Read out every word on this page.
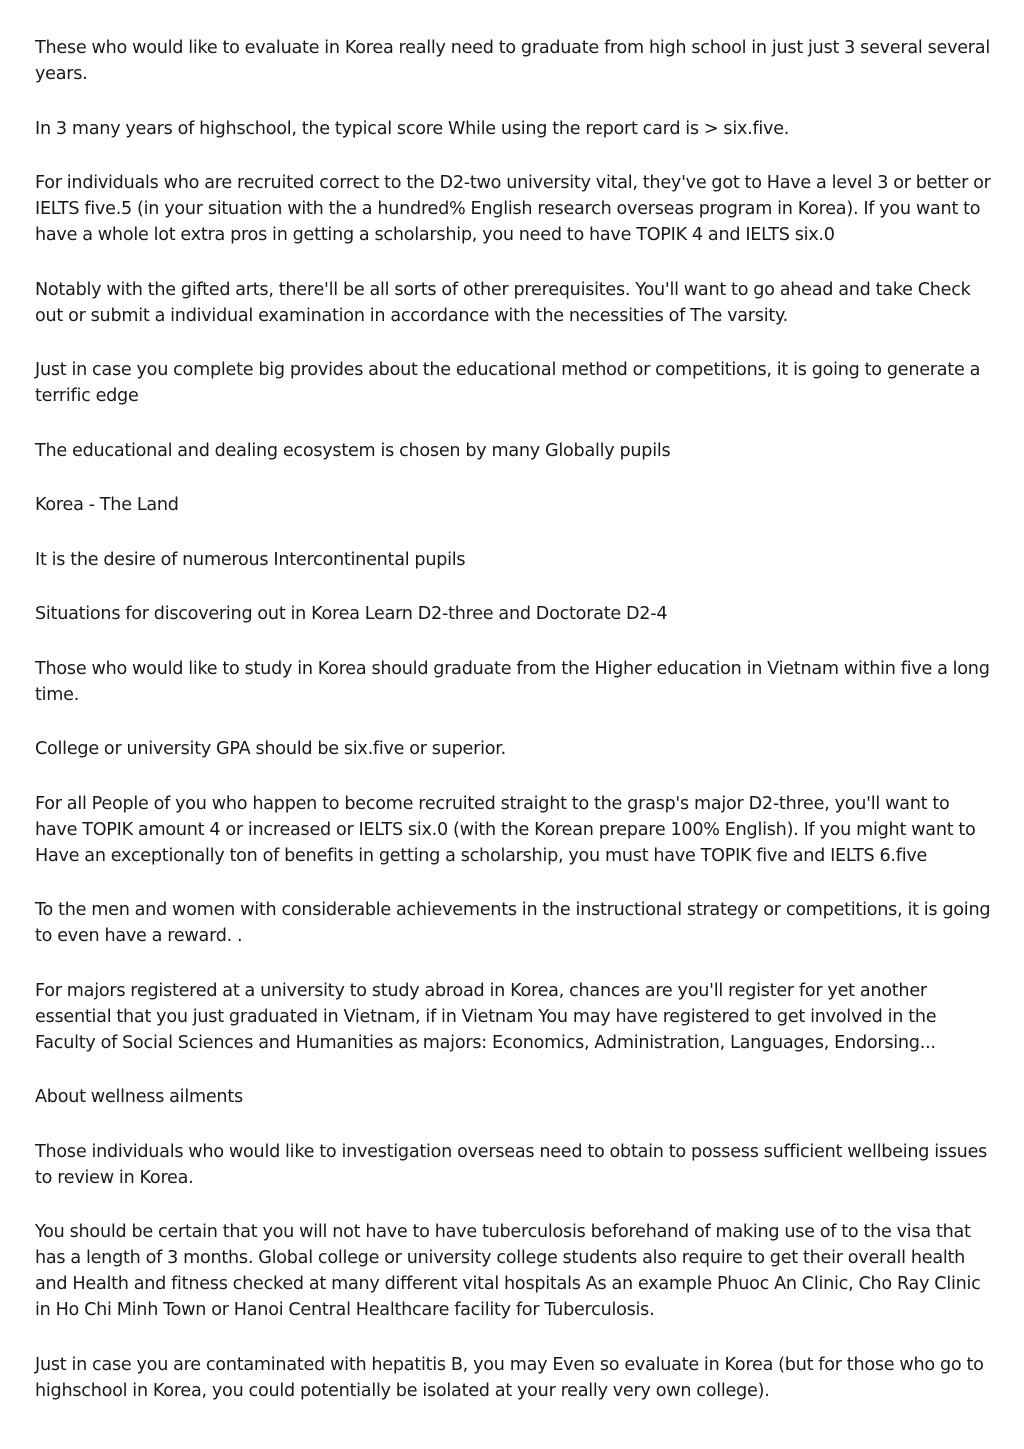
These who would like to evaluate in Korea really need to graduate from high school in just just 3 several several years.

In 3 many years of highschool, the typical score While using the report card is > six.five.

For individuals who are recruited correct to the D2-two university vital, they've got to Have a level 3 or better or IELTS five.5 (in your situation with the a hundred% English research overseas program in Korea). If you want to have a whole lot extra pros in getting a scholarship, you need to have TOPIK 4 and IELTS six.0

Notably with the gifted arts, there'll be all sorts of other prerequisites. You'll want to go ahead and take Check out or submit a individual examination in accordance with the necessities of The varsity.

Just in case you complete big provides about the educational method or competitions, it is going to generate a terrific edge

The educational and dealing ecosystem is chosen by many Globally pupils

Korea - The Land

It is the desire of numerous Intercontinental pupils

Situations for discovering out in Korea Learn D2-three and Doctorate D2-4

Those who would like to study in Korea should graduate from the Higher education in Vietnam within five a long time.

College or university GPA should be six.five or superior.

For all People of you who happen to become recruited straight to the grasp's major D2-three, you'll want to have TOPIK amount 4 or increased or IELTS six.0 (with the Korean prepare 100% English). If you might want to Have an exceptionally ton of benefits in getting a scholarship, you must have TOPIK five and IELTS 6.five

To the men and women with considerable achievements in the instructional strategy or competitions, it is going to even have a reward. .

For majors registered at a university to study abroad in Korea, chances are you'll register for yet another essential that you just graduated in Vietnam, if in Vietnam You may have registered to get involved in the Faculty of Social Sciences and Humanities as majors: Economics, Administration, Languages, Endorsing...

About wellness ailments

Those individuals who would like to investigation overseas need to obtain to possess sufficient wellbeing issues to review in Korea.

You should be certain that you will not have to have tuberculosis beforehand of making use of to the visa that has a length of 3 months. Global college or university college students also require to get their overall health and Health and fitness checked at many different vital hospitals As an example Phuoc An Clinic, Cho Ray Clinic in Ho Chi Minh Town or Hanoi Central Healthcare facility for Tuberculosis.

Just in case you are contaminated with hepatitis B, you may Even so evaluate in Korea (but for those who go to highschool in Korea, you could potentially be isolated at your really very own college).
